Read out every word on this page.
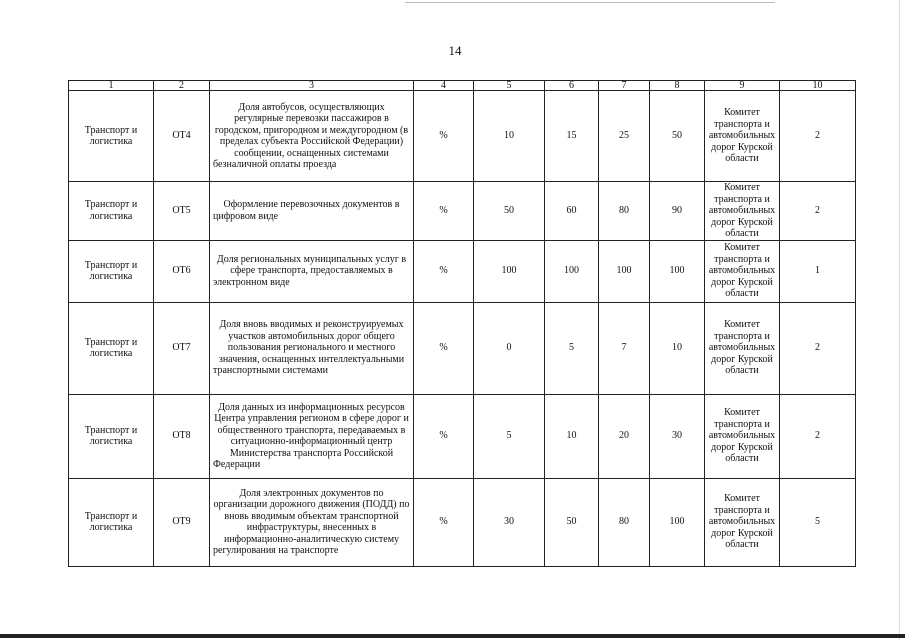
14
1	2	3	4	5	6	7	8	9	10
Транспорт и логистика	ОТ4	Доля автобусов, осуществляющих регулярные перевозки пассажиров в городском, пригородном и междугородном (в пределах субъекта Российской Федерации) сообщении, оснащенных системами безналичной оплаты проезда	%	10	15	25	50	Комитет транспорта и автомобильных дорог Курской области	2
Транспорт и логистика	ОТ5	Оформление перевозочных документов в цифровом виде	%	50	60	80	90	Комитет транспорта и автомобильных дорог Курской области	2
Транспорт и логистика	ОТ6	Доля региональных муниципальных услуг в сфере транспорта, предоставляемых в электронном виде	%	100	100	100	100	Комитет транспорта и автомобильных дорог Курской области	1
Транспорт и логистика	ОТ7	Доля вновь вводимых и реконструируемых участков автомобильных дорог общего пользования регионального и местного значения, оснащенных интеллектуальными транспортными системами	%	0	5	7	10	Комитет транспорта и автомобильных дорог Курской области	2
Транспорт и логистика	ОТ8	Доля данных из информационных ресурсов Центра управления регионом в сфере дорог и общественного транспорта, передаваемых в ситуационно-информационный центр Министерства транспорта Российской Федерации	%	5	10	20	30	Комитет транспорта и автомобильных дорог Курской области	2
Транспорт и логистика	ОТ9	Доля электронных документов по организации дорожного движения (ПОДД) по вновь вводимым объектам транспортной инфраструктуры, внесенных в информационно-аналитическую систему регулирования на транспорте	%	30	50	80	100	Комитет транспорта и автомобильных дорог Курской области	5
